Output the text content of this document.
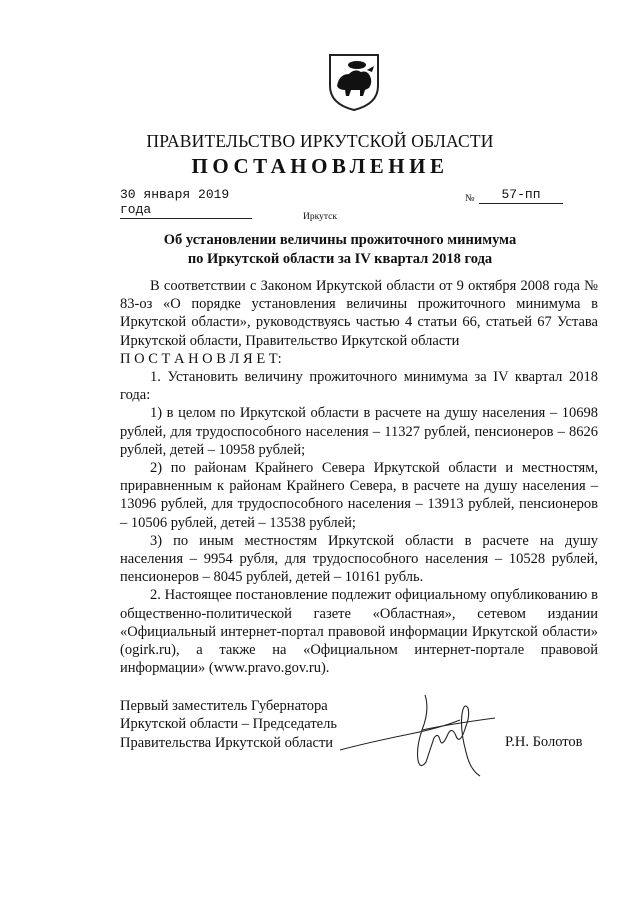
ПРАВИТЕЛЬСТВО ИРКУТСКОЙ ОБЛАСТИ
ПОСТАНОВЛЕНИЕ
30 января 2019 года
№	57-пп
Иркутск
Об установлении величины прожиточного минимума
по Иркутской области за IV квартал 2018 года

В соответствии с Законом Иркутской области от 9 октября 2008 года № 83-оз «О порядке установления величины прожиточного минимума в Иркутской области», руководствуясь частью 4 статьи 66, статьей 67 Устава Иркутской области, Правительство Иркутской области

П О С Т А Н О В Л Я Е Т:

1. Установить величину прожиточного минимума за IV квартал 2018 года:

1) в целом по Иркутской области в расчете на душу населения – 10698 рублей, для трудоспособного населения – 11327 рублей, пенсионеров – 8626 рублей, детей – 10958 рублей;

2) по районам Крайнего Севера Иркутской области и местностям, приравненным к районам Крайнего Севера, в расчете на душу населения – 13096 рублей, для трудоспособного населения – 13913 рублей, пенсионеров – 10506 рублей, детей – 13538 рублей;

3) по иным местностям Иркутской области в расчете на душу населения – 9954 рубля, для трудоспособного населения – 10528 рублей, пенсионеров – 8045 рублей, детей – 10161 рубль.

2. Настоящее постановление подлежит официальному опубликованию в общественно-политической газете «Областная», сетевом издании «Официальный интернет-портал правовой информации Иркутской области» (ogirk.ru), а также на «Официальном интернет-портале правовой информации» (www.pravo.gov.ru).

Первый заместитель Губернатора

Иркутской области – Председатель

Правительства Иркутской области	Р.Н. Болотов
